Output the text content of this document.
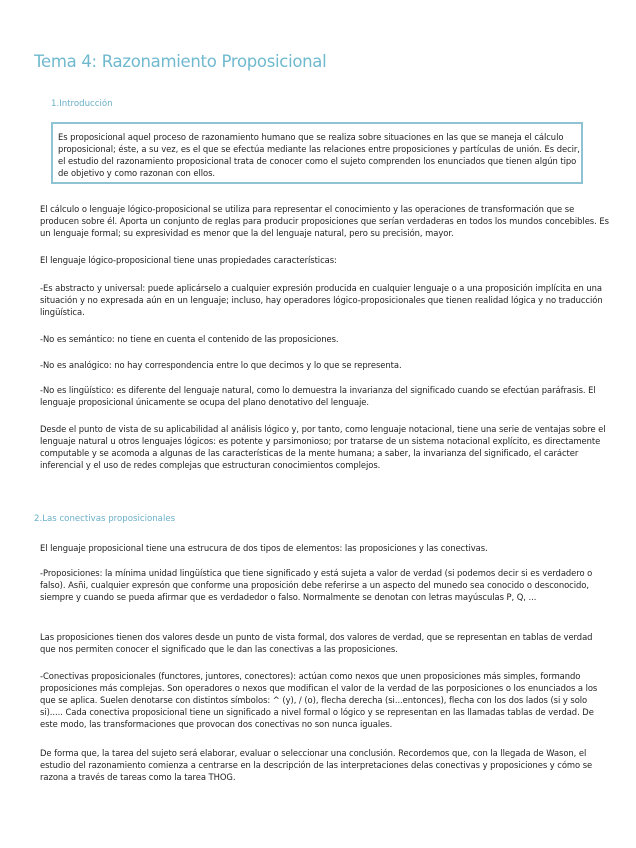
Tema 4: Razonamiento Proposicional
1.Introducción

Es proposicional aquel proceso de razonamiento humano que se realiza sobre situaciones en las que se maneja el cálculo proposicional; éste, a su vez, es el que se efectúa mediante las relaciones entre proposiciones y partículas de unión. Es decir, el estudio del razonamiento proposicional trata de conocer como el sujeto comprenden los enunciados que tienen algún tipo de objetivo y como razonan con ellos.

El cálculo o lenguaje lógico-proposicional se utiliza para representar el conocimiento y las operaciones de transformación que se producen sobre él. Aporta un conjunto de reglas para producir proposiciones que serían verdaderas en todos los mundos concebibles. Es un lenguaje formal; su expresividad es menor que la del lenguaje natural, pero su precisión, mayor.

El lenguaje lógico-proposicional tiene unas propiedades características:

-Es abstracto y universal: puede aplicárselo a cualquier expresión producida en cualquier lenguaje o a una proposición implícita en una situación y no expresada aún en un lenguaje; incluso, hay operadores lógico-proposicionales que tienen realidad lógica y no traducción lingüística.

-No es semántico: no tiene en cuenta el contenido de las proposiciones.

-No es analógico: no hay correspondencia entre lo que decimos y lo que se representa.

-No es lingüístico: es diferente del lenguaje natural, como lo demuestra la invarianza del significado cuando se efectúan paráfrasis. El lenguaje proposicional únicamente se ocupa del plano denotativo del lenguaje.

Desde el punto de vista de su aplicabilidad al análisis lógico y, por tanto, como lenguaje notacional, tiene una serie de ventajas sobre el lenguaje natural u otros lenguajes lógicos: es potente y parsimonioso; por tratarse de un sistema notacional explícito, es directamente computable y se acomoda a algunas de las características de la mente humana; a saber, la invarianza del significado, el carácter inferencial y el uso de redes complejas que estructuran conocimientos complejos.

2.Las conectivas proposicionales

El lenguaje proposicional tiene una estrucura de dos tipos de elementos: las proposiciones y las conectivas.

-Proposiciones: la mínima unidad lingüística que tiene significado y está sujeta a valor de verdad (si podemos decir si es verdadero o falso). Asñi, cualquier expresón que conforme una proposición debe referirse a un aspecto del munedo sea conocido o desconocido, siempre y cuando se pueda afirmar que es verdadedor o falso. Normalmente se denotan con letras mayúsculas P, Q, ...

Las proposiciones tienen dos valores desde un punto de vista formal, dos valores de verdad, que se representan en tablas de verdad que nos permiten conocer el significado que le dan las conectivas a las proposiciones.

-Conectivas proposicionales (functores, juntores, conectores): actúan como nexos que unen proposiciones más simples, formando proposiciones más complejas. Son operadores o nexos que modifican el valor de la verdad de las porposiciones o los enunciados a los que se aplica. Suelen denotarse con distintos símbolos: ^ (y), / (o), flecha derecha (si...entonces), flecha con los dos lados (si y solo si)..... Cada conectiva proposicional tiene un significado a nivel formal o lógico y se representan en las llamadas tablas de verdad. De este modo, las transformaciones que provocan dos conectivas no son nunca iguales.

De forma que, la tarea del sujeto será elaborar, evaluar o seleccionar una conclusión. Recordemos que, con la llegada de Wason, el estudio del razonamiento comienza a centrarse en la descripción de las interpretaciones delas conectivas y proposiciones y cómo se razona a través de tareas como la tarea THOG.
